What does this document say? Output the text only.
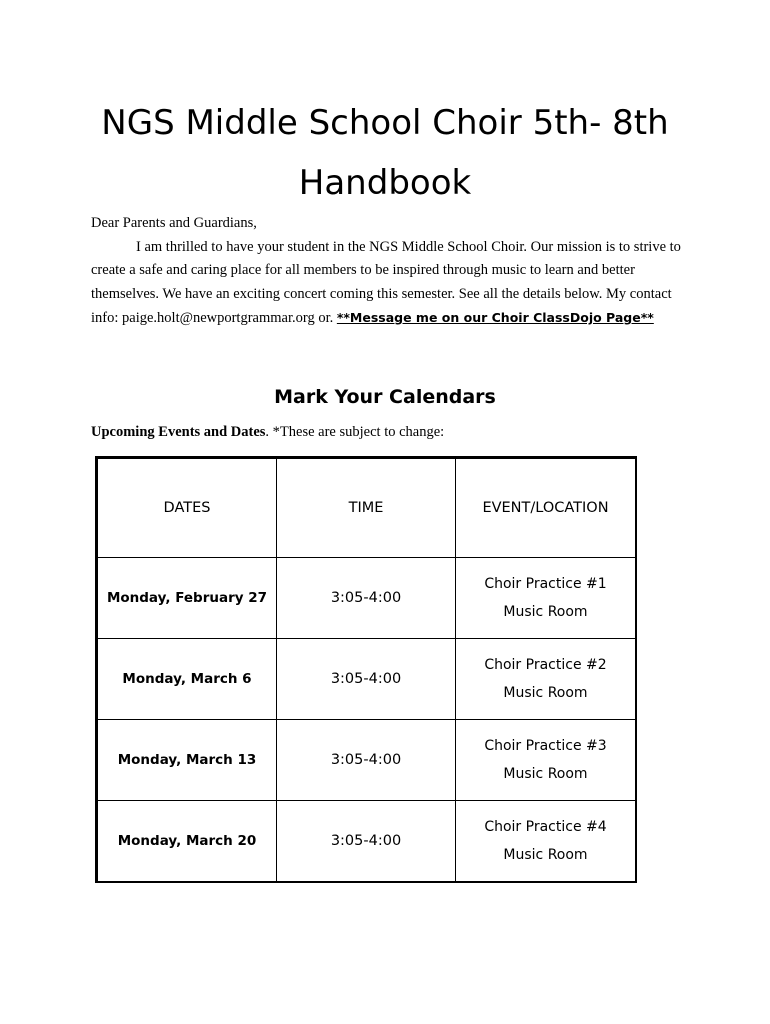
NGS Middle School Choir 5th- 8th
Handbook

Dear Parents and Guardians,

I am thrilled to have your student in the NGS Middle School Choir. Our mission is to strive to create a safe and caring place for all members to be inspired through music to learn and better themselves. We have an exciting concert coming this semester. See all the details below. My contact info: paige.holt@newportgrammar.org or. **Message me on our Choir ClassDojo Page**

Mark Your Calendars
Upcoming Events and Dates. *These are subject to change:
DATES	TIME	EVENT/LOCATION
Monday, February 27	3:05-4:00	Choir Practice #1
Music Room

Monday, March 6	3:05-4:00	Choir Practice #2
Music Room

Monday, March 13	3:05-4:00	Choir Practice #3
Music Room

Monday, March 20	3:05-4:00	Choir Practice #4
Music Room
